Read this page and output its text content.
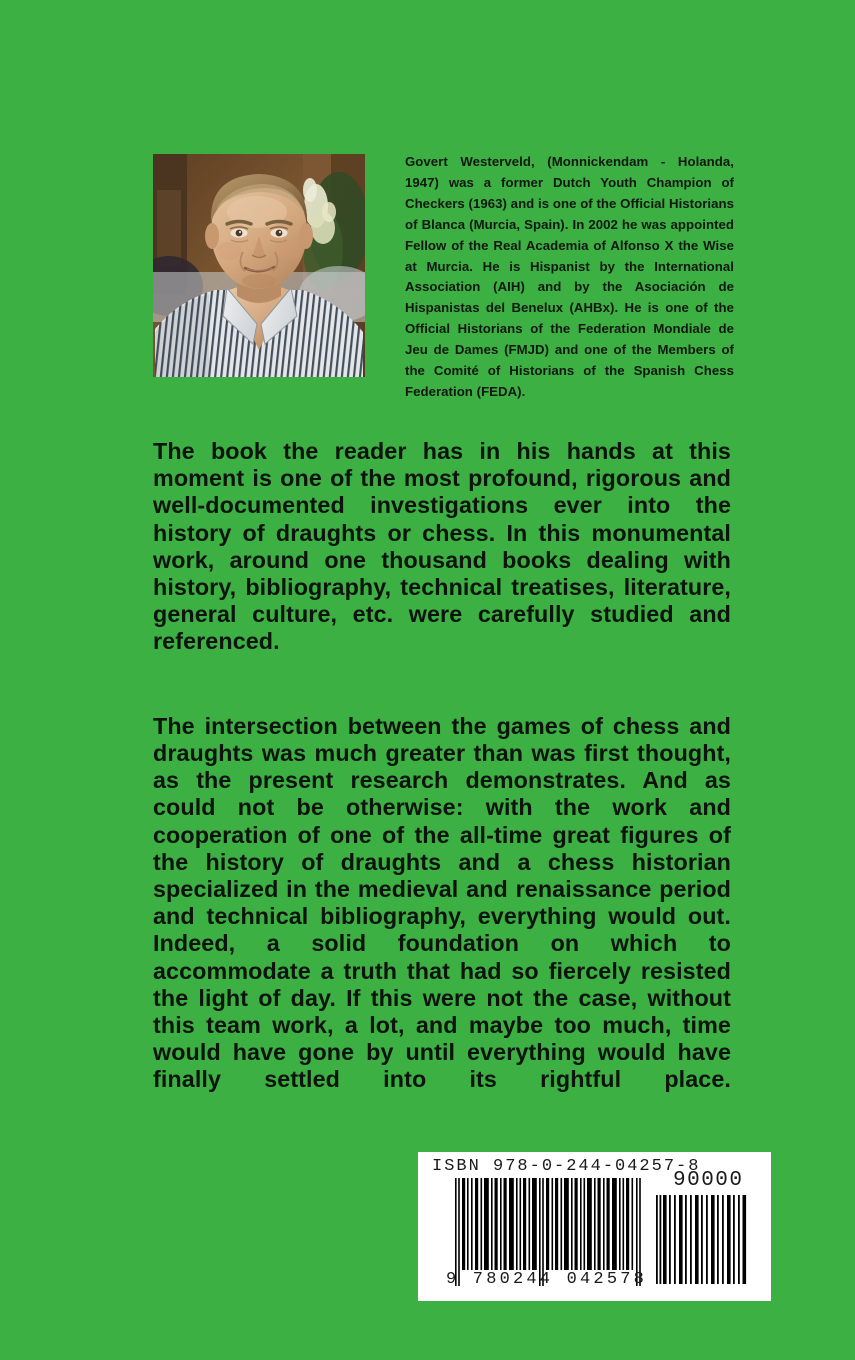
Govert Westerveld, (Monnickendam - Holanda, 1947) was a former Dutch Youth Champion of Checkers (1963) and is one of the Official Historians of Blanca (Murcia, Spain). In 2002 he was appointed Fellow of the Real Academia of Alfonso X the Wise at Murcia. He is Hispanist by the International Association (AIH) and by the Asociación de Hispanistas del Benelux (AHBx). He is one of the Official Historians of the Federation Mondiale de Jeu de Dames (FMJD) and one of the Members of the Comité of Historians of the Spanish Chess Federation (FEDA).

The book the reader has in his hands at this moment is one of the most profound, rigorous and well-documented investigations ever into the history of draughts or chess. In this monumental work, around one thousand books dealing with history, bibliography, technical treatises, literature, general culture, etc. were carefully studied and referenced.

The intersection between the games of chess and draughts was much greater than was first thought, as the present research demonstrates. And as could not be otherwise: with the work and cooperation of one of the all-time great figures of the history of draughts and a chess historian specialized in the medieval and renaissance period and technical bibliography, everything would out. Indeed, a solid foundation on which to accommodate a truth that had so fiercely resisted the light of day. If this were not the case, without this team work, a lot, and maybe too much, time would have gone by until everything would have finally settled into its rightful place.

ISBN 978-0-244-04257-8
90000
9 780244 042578
